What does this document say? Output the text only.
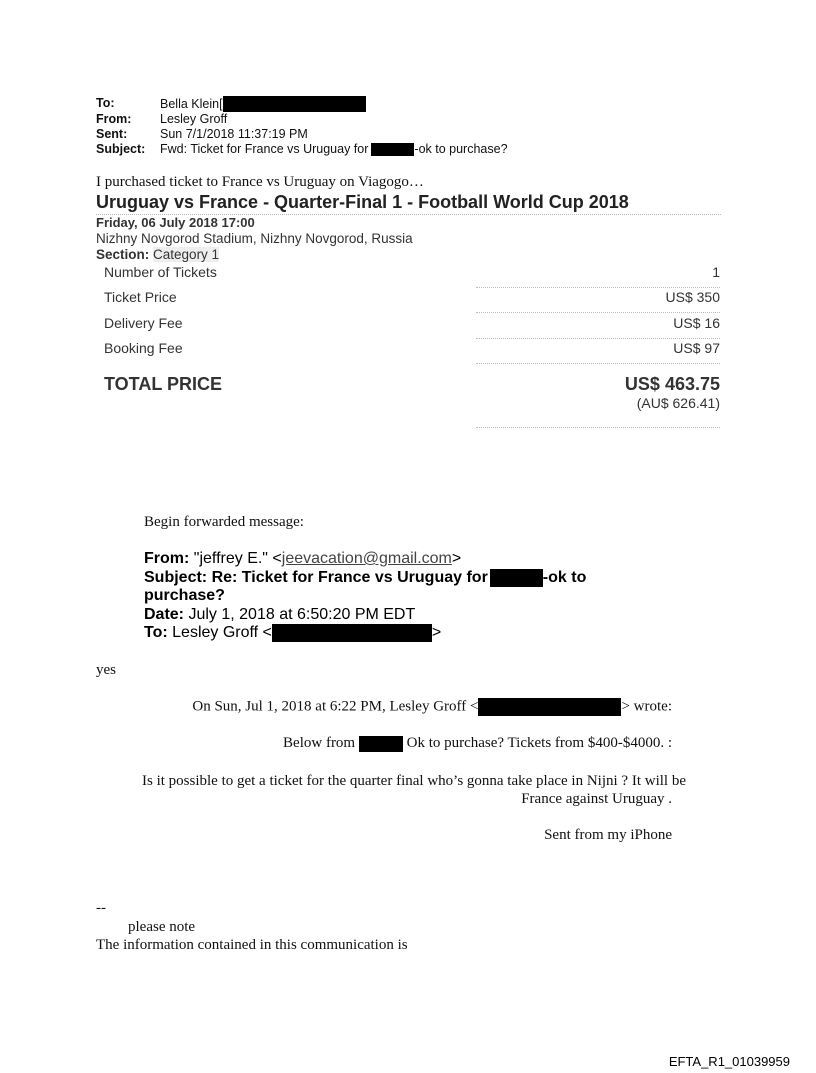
To:	Bella Klein[
From:	Lesley Groff
Sent:	Sun 7/1/2018 11:37:19 PM
Subject:	Fwd: Ticket for France vs Uruguay for	-ok to purchase?
I purchased ticket to France vs Uruguay on Viagogo…
Uruguay vs France - Quarter-Final 1 - Football World Cup 2018
Friday, 06 July 2018 17:00
Nizhny Novgorod Stadium, Nizhny Novgorod, Russia
Section: Category 1
Number of Tickets	1
Ticket Price	US$ 350
Delivery Fee	US$ 16
Booking Fee	US$ 97
TOTAL PRICE	US$ 463.75
(AU$ 626.41)
Begin forwarded message:
From: "jeffrey E." <jeevacation@gmail.com>
Subject: Re: Ticket for France vs Uruguay for	-ok to
purchase?
Date: July 1, 2018 at 6:50:20 PM EDT
To: Lesley Groff <	>
yes
On Sun, Jul 1, 2018 at 6:22 PM, Lesley Groff <	> wrote:
Below from	Ok to purchase? Tickets from $400-$4000. :
Is it possible to get a ticket for the quarter final who’s gonna take place in Nijni ? It will be
France against Uruguay .
Sent from my iPhone
--
please note
The information contained in this communication is
EFTA_R1_01039959
